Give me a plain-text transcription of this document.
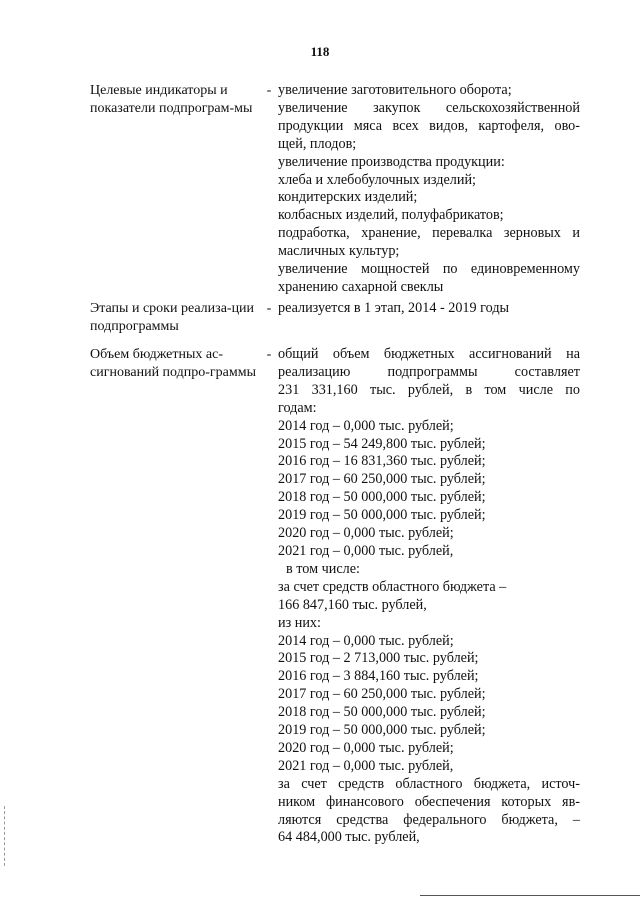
118
Целевые индикаторы и показатели подпрограм-мы
- увеличение заготовительного оборота;
увеличение закупок сельскохозяйственной
продукции мяса всех видов, картофеля, ово-
щей, плодов;
увеличение производства продукции:
хлеба и хлебобулочных изделий;
кондитерских изделий;
колбасных изделий, полуфабрикатов;
подработка, хранение, перевалка зерновых и
масличных культур;
увеличение мощностей по единовременному
хранению сахарной свеклы
Этапы и сроки реализа-ции подпрограммы
- реализуется в 1 этап, 2014 - 2019 годы
Объем бюджетных ас-сигнований подпро-граммы
- общий объем бюджетных ассигнований на
реализацию подпрограммы составляет
231 331,160 тыс. рублей, в том числе по
годам:
2014 год – 0,000 тыс. рублей;
2015 год – 54 249,800 тыс. рублей;
2016 год – 16 831,360 тыс. рублей;
2017 год – 60 250,000 тыс. рублей;
2018 год – 50 000,000 тыс. рублей;
2019 год – 50 000,000 тыс. рублей;
2020 год – 0,000 тыс. рублей;
2021 год – 0,000 тыс. рублей,
в том числе:
за счет средств областного бюджета –
166 847,160 тыс. рублей,
из них:
2014 год – 0,000 тыс. рублей;
2015 год – 2 713,000 тыс. рублей;
2016 год – 3 884,160 тыс. рублей;
2017 год – 60 250,000 тыс. рублей;
2018 год – 50 000,000 тыс. рублей;
2019 год – 50 000,000 тыс. рублей;
2020 год – 0,000 тыс. рублей;
2021 год – 0,000 тыс. рублей,
за счет средств областного бюджета, источ-
ником финансового обеспечения которых яв-
ляются средства федерального бюджета, –
64 484,000 тыс. рублей,
